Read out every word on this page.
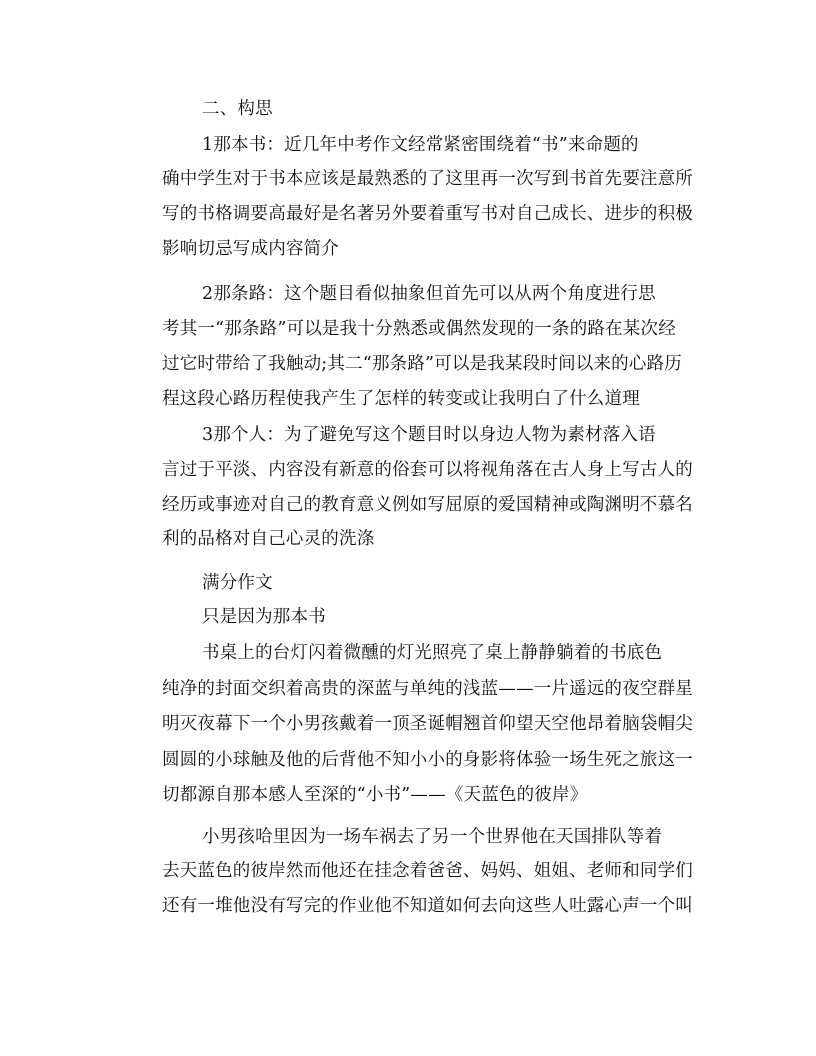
二、构思
1那本书：近几年中考作文经常紧密围绕着“书”来命题的
确中学生对于书本应该是最熟悉的了这里再一次写到书首先要注意所
写的书格调要高最好是名著另外要着重写书对自己成长、进步的积极
影响切忌写成内容简介
2那条路：这个题目看似抽象但首先可以从两个角度进行思
考其一“那条路”可以是我十分熟悉或偶然发现的一条的路在某次经
过它时带给了我触动;其二“那条路”可以是我某段时间以来的心路历
程这段心路历程使我产生了怎样的转变或让我明白了什么道理
3那个人：为了避免写这个题目时以身边人物为素材落入语
言过于平淡、内容没有新意的俗套可以将视角落在古人身上写古人的
经历或事迹对自己的教育意义例如写屈原的爱国精神或陶渊明不慕名
利的品格对自己心灵的洗涤
满分作文
只是因为那本书
书桌上的台灯闪着微醺的灯光照亮了桌上静静躺着的书底色
纯净的封面交织着高贵的深蓝与单纯的浅蓝——一片遥远的夜空群星
明灭夜幕下一个小男孩戴着一顶圣诞帽翘首仰望天空他昂着脑袋帽尖
圆圆的小球触及他的后背他不知小小的身影将体验一场生死之旅这一
切都源自那本感人至深的“小书”——《天蓝色的彼岸》
小男孩哈里因为一场车祸去了另一个世界他在天国排队等着
去天蓝色的彼岸然而他还在挂念着爸爸、妈妈、姐姐、老师和同学们
还有一堆他没有写完的作业他不知道如何去向这些人吐露心声一个叫
